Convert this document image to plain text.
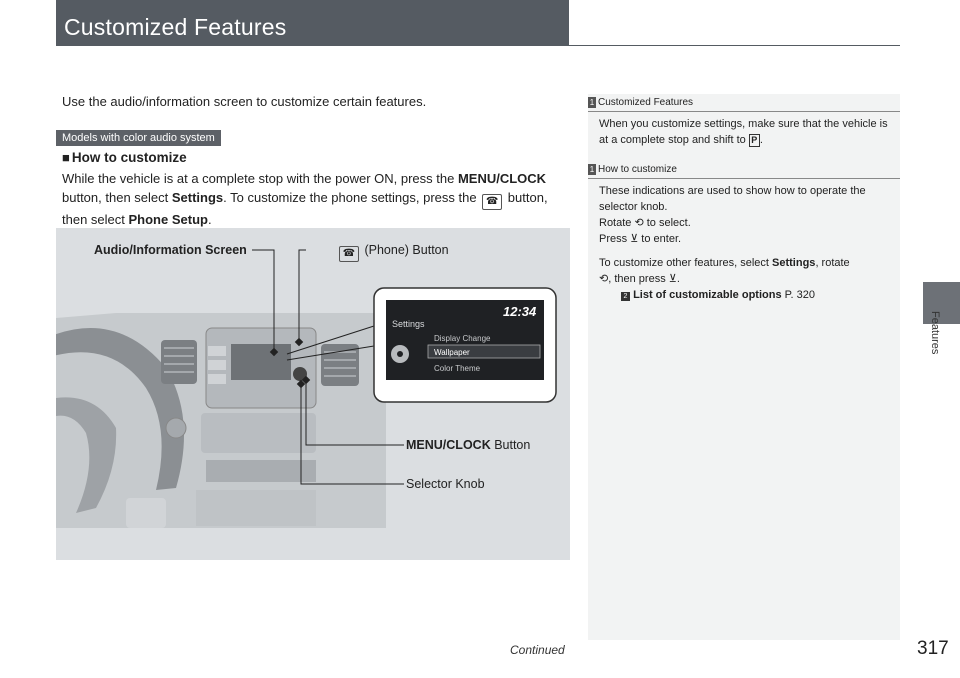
Customized Features
Features
Use the audio/information screen to customize certain features.
Models with color audio system
■ How to customize
While the vehicle is at a complete stop with the power ON, press the MENU/CLOCK button, then select Settings. To customize the phone settings, press the ☎ button, then select Phone Setup.
12:34
Settings
Display Change
Wallpaper
Color Theme
Audio/Information Screen	☎ (Phone) Button
MENU/CLOCK Button
Selector Knob
1 Customized Features
When you customize settings, make sure that the vehicle is at a complete stop and shift to P .
1 How to customize
These indications are used to show how to operate the selector knob.
Rotate ⟲ to select.
Press ⊻ to enter.
To customize other features, select Settings, rotate
⟲, then press ⊻.
2 List of customizable options P. 320
Continued	317
